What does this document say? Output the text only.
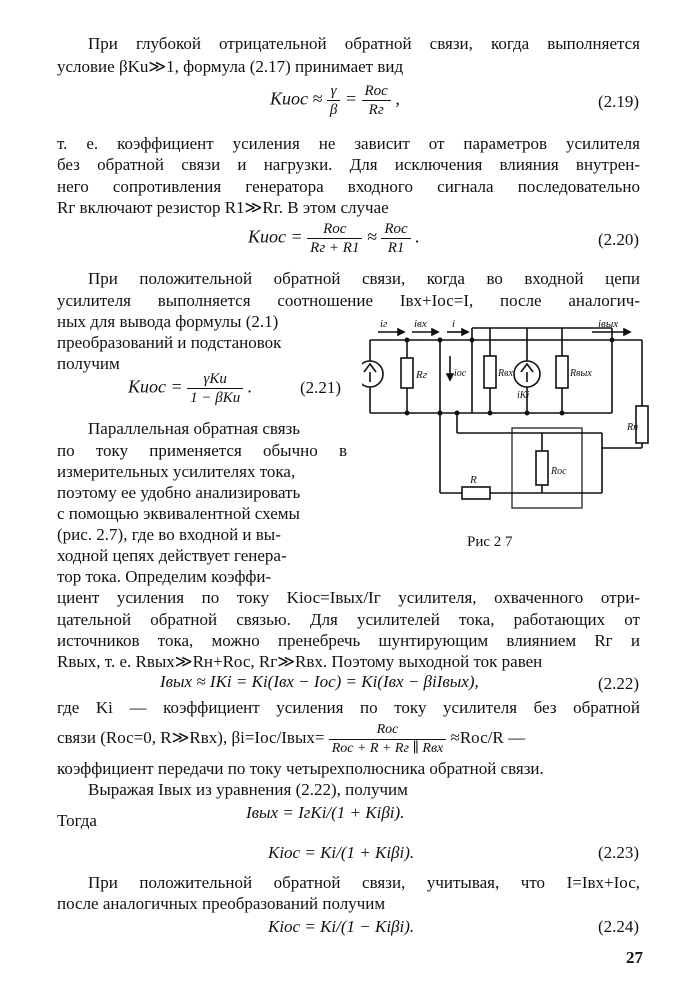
При глубокой отрицательной обратной связи, когда выполняется
условие βKu≫1, формула (2.17) принимает вид
Kuос ≈ $\frac{\gamma}{\beta} = \frac{\text{Rос}}{Rг}$ ,	(2.19)
т. е. коэффициент усиления не зависит от параметров усилителя
без обратной связи и нагрузки. Для исключения влияния внутрен-
него сопротивления генератора входного сигнала последовательно
Rг включают резистор R1≫Rг. В этом случае
Kuос = $\frac{\text{Rос}}{Rг + R1} \approx \frac{\text{Rос}}{R1}$ .	(2.20)
При положительной обратной связи, когда во входной цепи
усилителя выполняется соотношение Iвх+Iос=I, после аналогич-
ных для вывода формулы (2.1)
преобразований и подстановок
получим
Kuос = $\frac{\text{γKu}}{\text{1 − βKu}}$ .	(2.21)
Параллельная обратная связь
по току применяется обычно в
измерительных усилителях тока,
поэтому ее удобно анализировать
с помощью эквивалентной схемы
(рис. 2.7), где во входной и вы-
ходной цепях действует генера-
тор тока. Определим коэффи-
iг iвх i	iвых
iос
Rг	Rвх
iKi
Rвых
Rн
Rос
R
Рис 2 7
циент усиления по току Kiос=Iвых/Iг усилителя, охваченного отри-
цательной обратной связью. Для усилителей тока, работающих от
источников тока, можно пренебречь шунтирующим влиянием Rг и
Rвых, т. е. Rвых≫Rн+Rос, Rг≫Rвх. Поэтому выходной ток равен
Iвых ≈ IKi = Ki(Iвх − Iос) = Ki(Iвх − βiIвых),	(2.22)
где Ki — коэффициент усиления по току усилителя без обратной
связи (Rос=0, R≫Rвх), βi=Iос/Iвых= $\frac{\text{Rос}}{\text{Rос + R + Rг ∥ Rвх}} \approx Rос/R$ —
коэффициент передачи по току четырехполюсника обратной связи.
Выражая Iвых из уравнения (2.22), получим
Iвых = IгKi/(1 + Kiβi).
Тогда
Kiос = Ki/(1 + Kiβi).	(2.23)
При положительной обратной связи, учитывая, что I=Iвх+Iос,
после аналогичных преобразований получим
Kiос = Ki/(1 − Kiβi).	(2.24)
27
